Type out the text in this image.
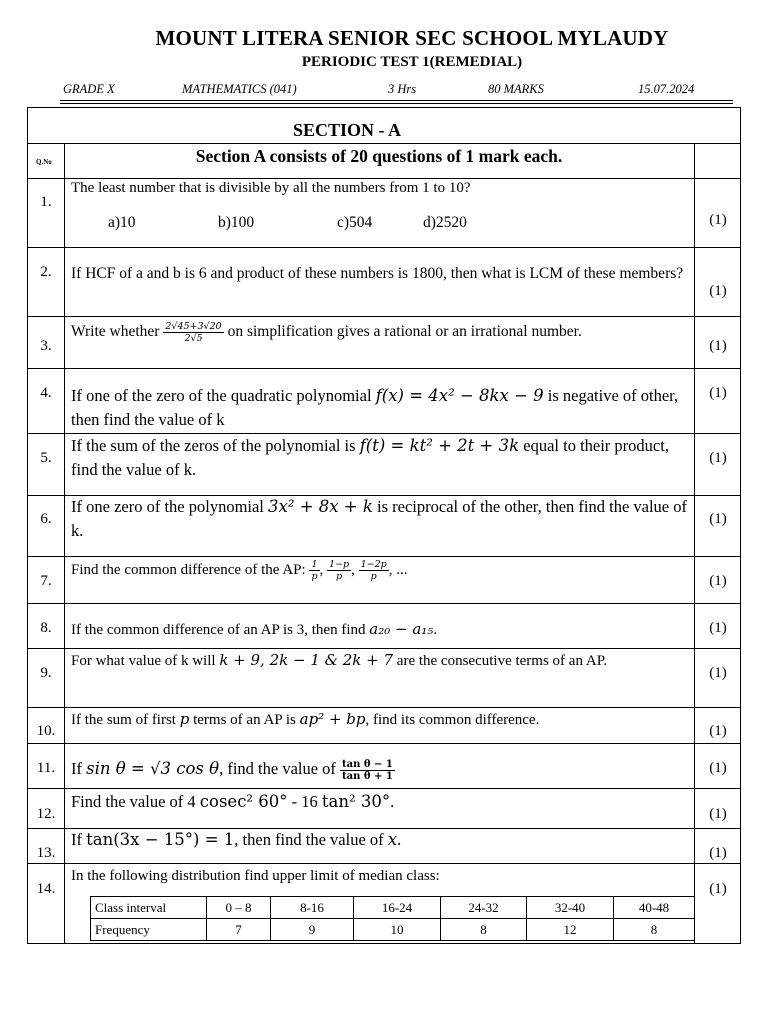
MOUNT LITERA SENIOR SEC SCHOOL MYLAUDY
PERIODIC TEST 1(REMEDIAL)
GRADE X	MATHEMATICS (041)	3 Hrs	80 MARKS	15.07.2024
SECTION - A
Q.No	Section A consists of 20 questions of 1 mark each.
1.
The least number that is divisible by all the numbers from 1 to 10?
a)10	b)100	c)504	d)2520	(1)
2.	If HCF of a and b is 6 and product of these numbers is 1800, then what is LCM of these members?
(1)
3.
Write whether $\frac{2√45+3√20}{2√5}$ on simplification gives a rational or an irrational number.
(1)
4.	If one of the zero of the quadratic polynomial f(x) = 4x² − 8kx − 9 is negative of other, then find the value of k
(1)
5.
If the sum of the zeros of the polynomial is f(t) = kt² + 2t + 3k equal to their product, find the value of k.
(1)
6.
If one zero of the polynomial 3x² + 8x + k is reciprocal of the other, then find the value of k.
(1)
7.
Find the common difference of the AP: $\frac{1}{p}$ , $\frac{1-p}{p}$ , $\frac{1-2p}{p}$ , ...
(1)
8.	If the common difference of an AP is 3, then find a₂₀ − a₁₅.	(1)
9.
For what value of k will k + 9, 2k − 1 & 2k + 7 are the consecutive terms of an AP.
(1)
10.
If the sum of first p terms of an AP is ap² + bp, find its common difference.
(1)
11. If sin θ = √3 cos θ, find the value of $\frac{\text{tan θ − 1}}{\text{tan θ + 1}}$	(1)
12.
Find the value of 4 cosec² 60° - 16 tan² 30°.
(1)
13.
If tan(3x − 15°) = 1, then find the value of x.
(1)
14.
In the following distribution find upper limit of median class:
(1)
Class interval	0 – 8	8-16	16-24	24-32	32-40	40-48
Frequency	7	9	10	8	12	8
